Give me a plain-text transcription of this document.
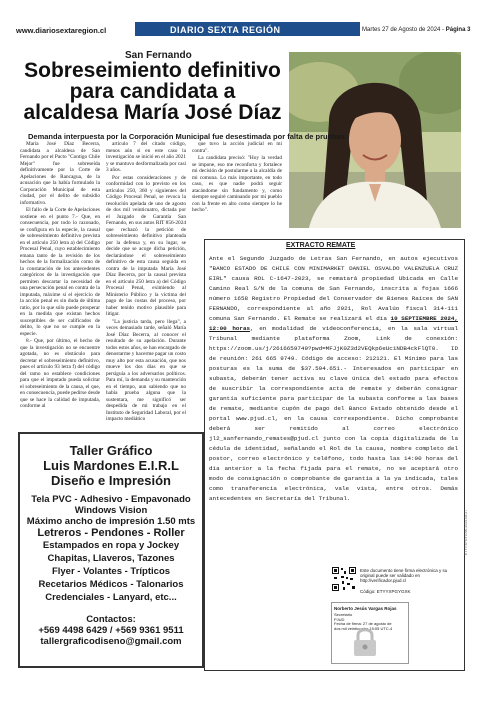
www.diariosextaregion.cl	DIARIO SEXTA REGIÓN	Martes 27 de Agosto de 2024 - Página 3
San Fernando
Sobreseimiento definitivo para candidata a alcaldesa María José Díaz
Demanda interpuesta por la Corporación Municipal fue desestimada por falta de pruebas.

María José Díaz Becerra, candidata a alcaldesa de San Fernando por el Pacto "Contigo Chile Mejor" fue sobreseída definitivamente por la Corte de Apelaciones de Rancagua, de la acusación que la había formulado la Corporación Municipal de esta ciudad, por el delito de subsidio informativo.

El fallo de la Corte de Apelaciones sostiene en el punto 7.- Que, en consecuencia, por todo lo razonado, se configura en la especie, la causal de sobreseimiento definitivo prevista en el artículo 250 letra a) del Código Procesal Penal, cuyo establecimiento emana tanto de la revisión de los hechos de la formalización como de la constatación de los antecedentes categóricos de la investigación que permiten descartar la necesidad de una persecución penal en contra de la imputada, máxime si el ejercicio de la acción penal es sin duda de última ratio, por lo que sólo puede prosperar en la medida que existan hechos susceptibles de ser calificados de delito, lo que no se cumple en la especie.

8.- Que, por último, el hecho de que la investigación no se encuentre agotada, no es obstáculo para decretar el sobreseimiento definitivo, pues el artículo 93 letra f) del código del ramo no establece condiciones para que el imputado pueda solicitar el sobreseimiento de la causa, el que, en consecuencia, puede pedirse desde que se hace la calidad de imputada, conforme al

artículo 7 del citado código, menos aún si en este caso la investigación se inició en el año 2021 y se mantuvo desformalizada por casi 3 años.

Por estas consideraciones y de conformidad con lo previsto en los artículos 250, 360 y siguientes del Código Procesal Penal, se revoca la resolución apelada de uno de agosto de dos mil veinticuatro, dictada por el Juzgado de Garantía San Fernando, en sus autos RIT 856-2024 que rechazó la petición de sobreseimiento definitivo planteada por la defensa y, en su lugar, se decide que se acoge dicha petición, declarándose el sobreseimiento definitivo de esta causa seguida en contra de la imputada María José Díaz Becerra, por la causal prevista en el artículo 250 letra a) del Código Procesal Penal, eximiendo al Ministerio Público y la víctima del pago de las costas del proceso, por haber tenido motivo plausible para litigar.

"La justicia tarda, pero llega", a veces demasiado tarde, señaló María José Díaz Becerra, al conocer el resultado de su apelación. Durante todos estos años, se han encargado de denostarme y hacerme pagar un costo muy alto por esta acusación, que nos mueve los dos días en que se persiguía a los adversarios políticos. Para mí, la demanda y su mantención en el tiempo, aun sabiendo que no había prueba alguna que la sustentara, me significó ser despedida de mi trabajo en el Instituto de Seguridad Laboral, por el impacto mediático

que tuvo la acción judicial en mi contra".

La candidata precisó: "Hoy la verdad se impone, eso me reconforta y fortalece mi decisión de postularme a la alcaldía de mi comuna. Lo más importante, en todo caso, es que nadie podrá seguir atacándome sin fundamento y, como siempre seguiré caminando por mi pueblo con la frente en alto como siempre lo he hecho".

Taller Gráfico
Luis Mardones E.I.R.L
Diseño e Impresión
Tela PVC - Adhesivo - Empavonado
Windows Vision
Máximo ancho de impresión 1.50 mts
Letreros - Pendones - Roller
Estampados en ropa y Jockey
Chapitas, Llaveros, Tazones
Flyer - Volantes - Trípticos
Recetarios Médicos - Talonarios
Credenciales - Lanyard, etc...
Contactos:
+569 4498 6429 / +569 9361 9511
tallergraficodiseno@gmail.com
EXTRACTO REMATE

Ante el Segundo Juzgado de Letras San Fernando, en autos ejecutivos "BANCO ESTADO DE CHILE CON MINIMARKET DANIEL OSVALDO VALENZUELA CRUZ EIRL" causa ROL C-1647-2023, se rematará propiedad Ubicada en Calle Camino Real S/N de la comuna de San Fernando, inscrita a fojas 1666 número 1658 Registro Propiedad del Conservador de Bienes Raíces de SAN FERNANDO, correspondiente al año 2021, Rol Avalúo fiscal 314-111 comuna San Fernando. El Remate se realizará el día 10 SEPTIEMBRE 2024, 12:00 horas, en modalidad de videoconferencia, en la sala virtual Tribunal mediante plataforma Zoom, Link de conexión: https://zoom.us/j/2616659749?pwd=MFJjK0Z3d2VEQkp6eUc1NDB4ckFlQT0. ID de reunión: 261 665 9749. Código de acceso: 212121. El Mínimo para las posturas es la suma de $37.594.651.- Interesados en participar en subasta, deberán tener activa su clave única del estado para efectos de suscribir la correspondiente acta de remate y deberán consignar garantía suficiente para participar de la subasta conforme a las bases de remate, mediante cupón de pago del Banco Estado obtenido desde el portal www.pjud.cl, en la causa correspondiente. Dicho comprobante deberá ser remitido al correo electrónico jl2_sanfernando_remates@pjud.cl junto con la copia digitalizada de la cédula de identidad, señalando el Rol de la causa, nombre completo del postor, correo electrónico y teléfono, todo hasta las 14:00 horas del día anterior a la fecha fijada para el remate, no se aceptará otro modo de consignación o comprobante de garantía a la ya indicada, tales como transferencia electrónica, vale vista, entre otros. Demás antecedentes en Secretaría del Tribunal.

Este documento tiene firma electrónica y su original puede ser validado en http://verificador.pjud.cl
Código: ETYYXPGYGXK
Norberto Jesús Vargas Rojas
Secretario
PJUD
Fecha de firma: 27 de agosto de dos mil veinticuatro 15:05 UTC-4
ETYYXPGYGXK-2024-08-27
